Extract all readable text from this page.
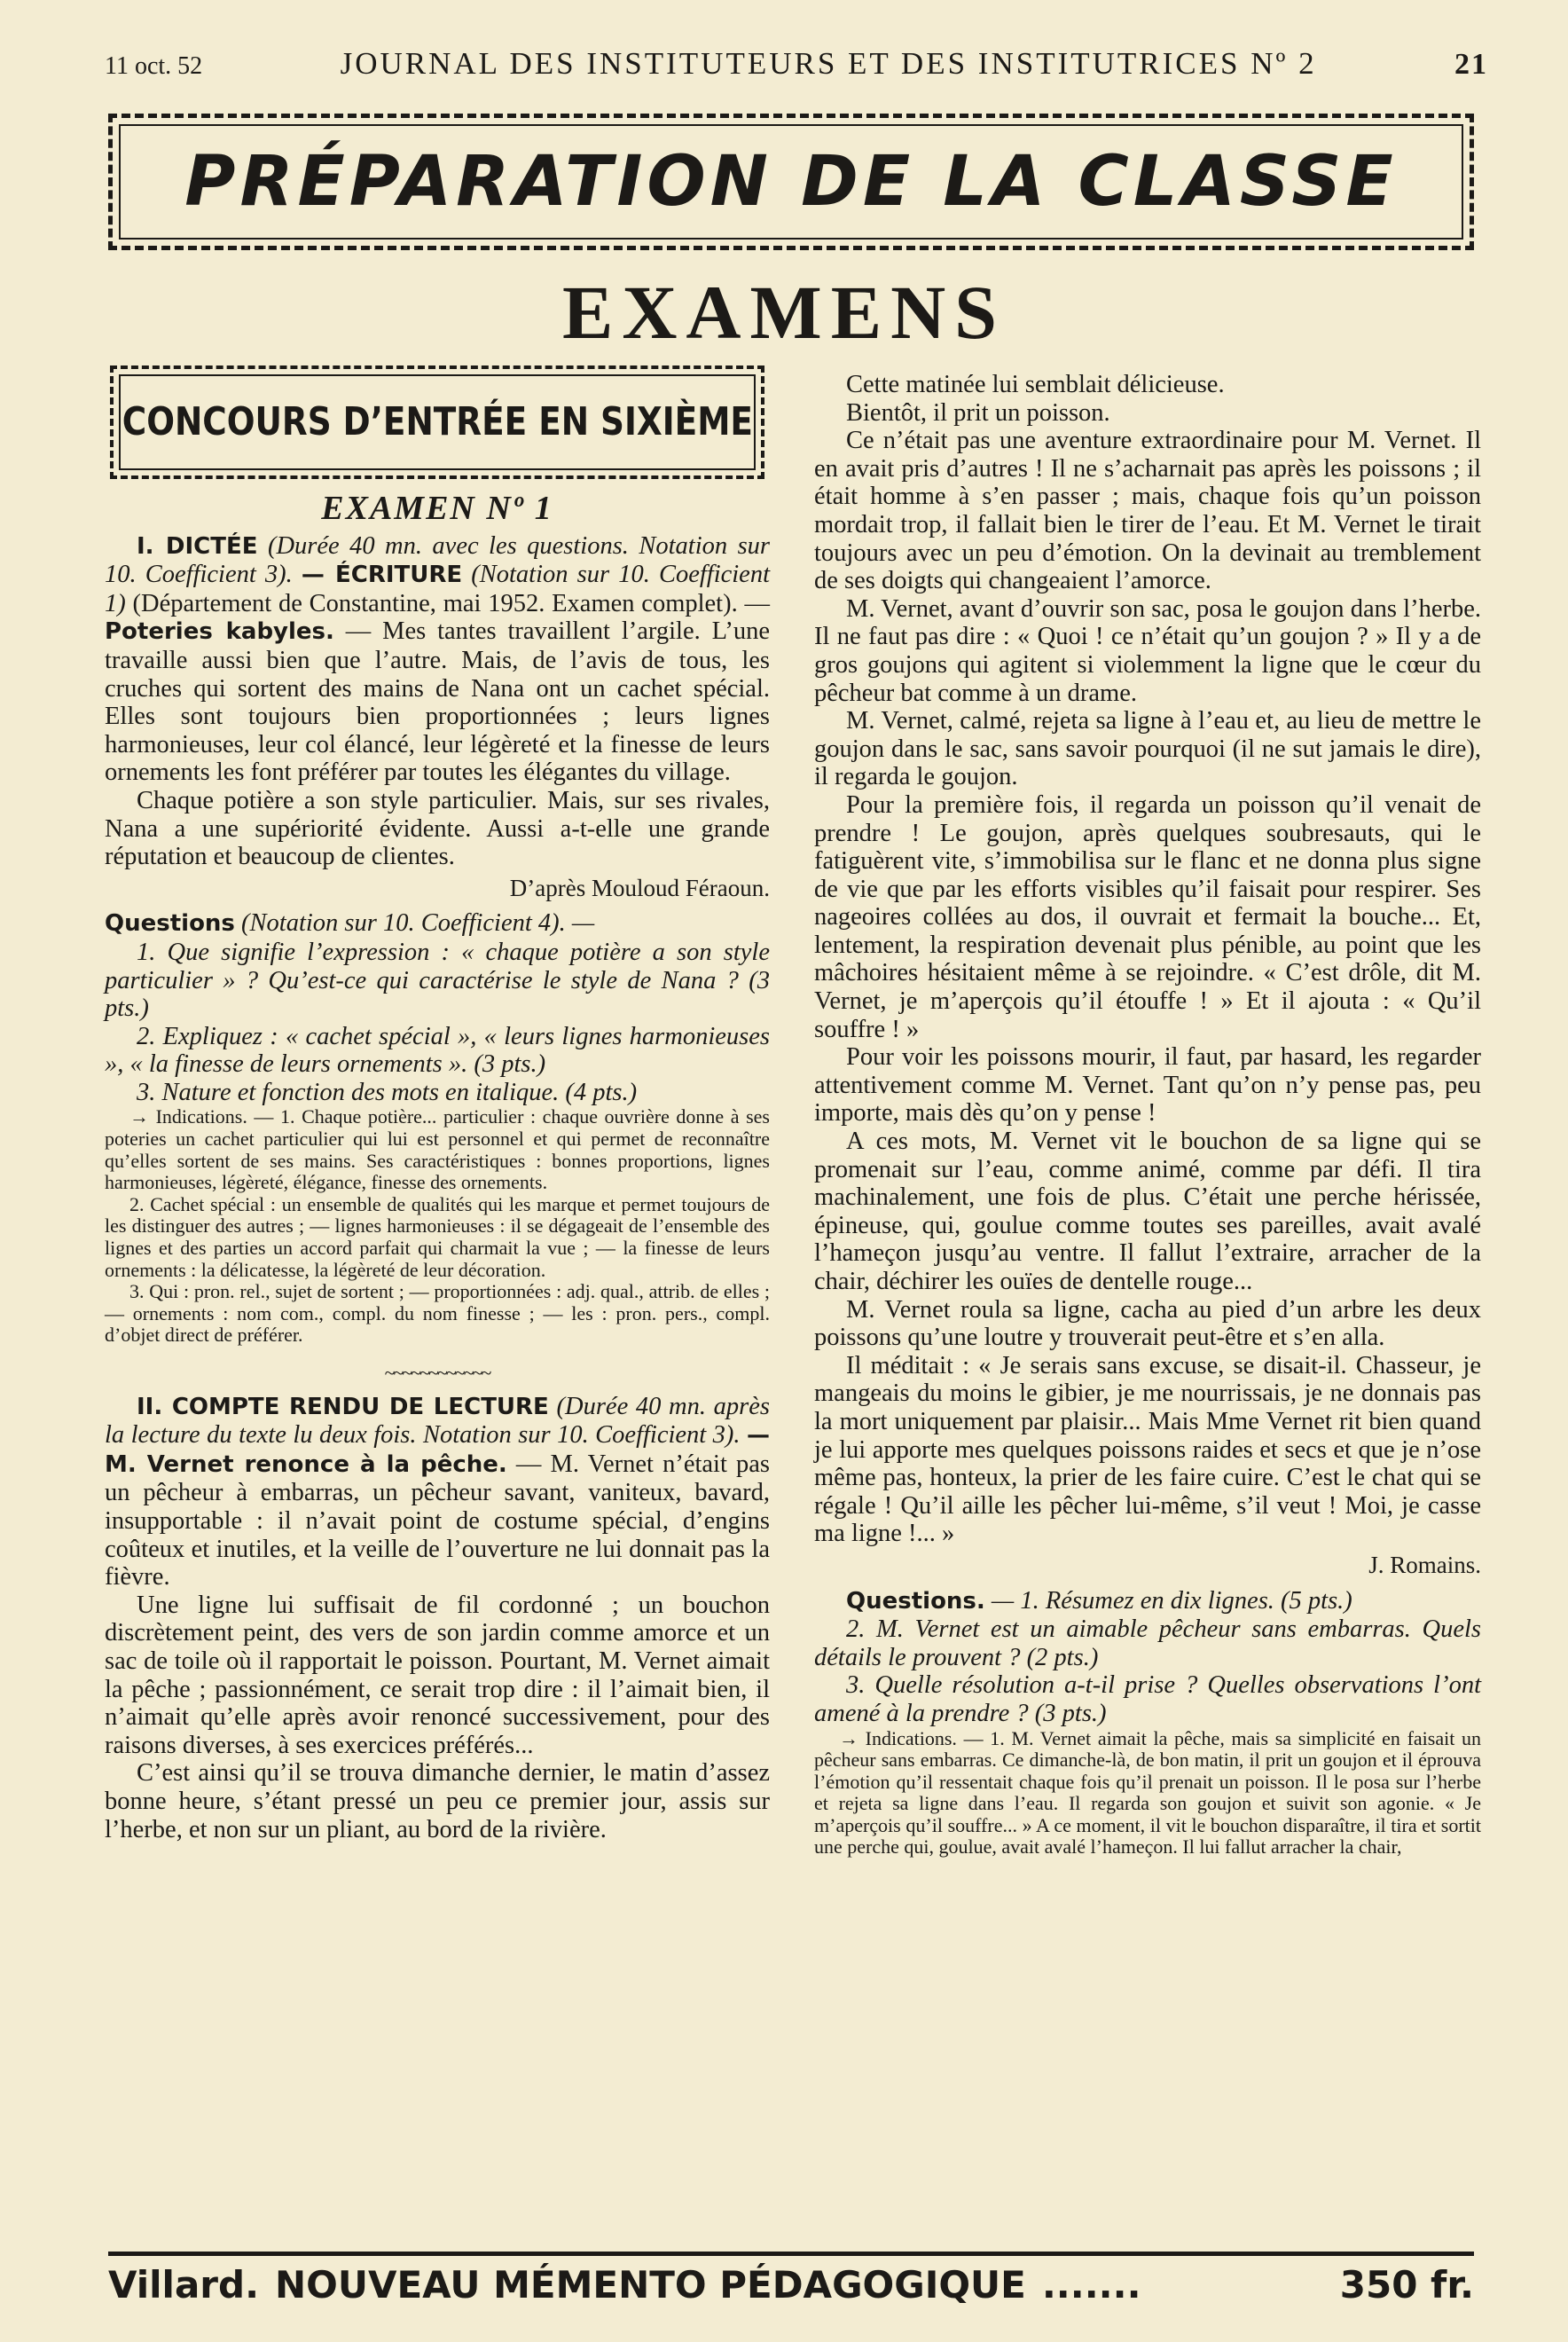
11 oct. 52	JOURNAL DES INSTITUTEURS ET DES INSTITUTRICES Nº 2	21
PRÉPARATION DE LA CLASSE
EXAMENS
CONCOURS D’ENTRÉE EN SIXIÈME
EXAMEN Nº 1

I. DICTÉE (Durée 40 mn. avec les questions. Notation sur 10. Coefficient 3). — ÉCRITURE (Notation sur 10. Coefficient 1) (Département de Constantine, mai 1952. Examen complet). — Poteries kabyles. — Mes tantes travaillent l’argile. L’une travaille aussi bien que l’autre. Mais, de l’avis de tous, les cruches qui sortent des mains de Nana ont un cachet spécial. Elles sont toujours bien proportionnées ; leurs lignes harmonieuses, leur col élancé, leur légèreté et la finesse de leurs ornements les font préférer par toutes les élégantes du village.

Chaque potière a son style particulier. Mais, sur ses rivales, Nana a une supériorité évidente. Aussi a-t-elle une grande réputation et beaucoup de clientes.

D’après Mouloud Féraoun.

Questions (Notation sur 10. Coefficient 4). —

1. Que signifie l’expression : « chaque potière a son style particulier » ? Qu’est-ce qui caractérise le style de Nana ? (3 pts.)

2. Expliquez : « cachet spécial », « leurs lignes harmonieuses », « la finesse de leurs ornements ». (3 pts.)

3. Nature et fonction des mots en italique. (4 pts.)

→ Indications. — 1. Chaque potière... particulier : chaque ouvrière donne à ses poteries un cachet particulier qui lui est personnel et qui permet de reconnaître qu’elles sortent de ses mains. Ses caractéristiques : bonnes proportions, lignes harmonieuses, légèreté, élégance, finesse des ornements.

2. Cachet spécial : un ensemble de qualités qui les marque et permet toujours de les distinguer des autres ; — lignes harmonieuses : il se dégageait de l’ensemble des lignes et des parties un accord parfait qui charmait la vue ; — la finesse de leurs ornements : la délicatesse, la légèreté de leur décoration.

3. Qui : pron. rel., sujet de sortent ; — proportionnées : adj. qual., attrib. de elles ; — ornements : nom com., compl. du nom finesse ; — les : pron. pers., compl. d’objet direct de préférer.

~~~~~~~~~~~~

II. COMPTE RENDU DE LECTURE (Durée 40 mn. après la lecture du texte lu deux fois. Notation sur 10. Coefficient 3). — M. Vernet renonce à la pêche. — M. Vernet n’était pas un pêcheur à embarras, un pêcheur savant, vaniteux, bavard, insupportable : il n’avait point de costume spécial, d’engins coûteux et inutiles, et la veille de l’ouverture ne lui donnait pas la fièvre.

Une ligne lui suffisait de fil cordonné ; un bouchon discrètement peint, des vers de son jardin comme amorce et un sac de toile où il rapportait le poisson. Pourtant, M. Vernet aimait la pêche ; passionnément, ce serait trop dire : il l’aimait bien, il n’aimait qu’elle après avoir renoncé successivement, pour des raisons diverses, à ses exercices préférés...

C’est ainsi qu’il se trouva dimanche dernier, le matin d’assez bonne heure, s’étant pressé un peu ce premier jour, assis sur l’herbe, et non sur un pliant, au bord de la rivière.

Cette matinée lui semblait délicieuse.

Bientôt, il prit un poisson.

Ce n’était pas une aventure extraordinaire pour M. Vernet. Il en avait pris d’autres ! Il ne s’acharnait pas après les poissons ; il était homme à s’en passer ; mais, chaque fois qu’un poisson mordait trop, il fallait bien le tirer de l’eau. Et M. Vernet le tirait toujours avec un peu d’émotion. On la devinait au tremblement de ses doigts qui changeaient l’amorce.

M. Vernet, avant d’ouvrir son sac, posa le goujon dans l’herbe. Il ne faut pas dire : « Quoi ! ce n’était qu’un goujon ? » Il y a de gros goujons qui agitent si violemment la ligne que le cœur du pêcheur bat comme à un drame.

M. Vernet, calmé, rejeta sa ligne à l’eau et, au lieu de mettre le goujon dans le sac, sans savoir pourquoi (il ne sut jamais le dire), il regarda le goujon.

Pour la première fois, il regarda un poisson qu’il venait de prendre ! Le goujon, après quelques soubresauts, qui le fatiguèrent vite, s’immobilisa sur le flanc et ne donna plus signe de vie que par les efforts visibles qu’il faisait pour respirer. Ses nageoires collées au dos, il ouvrait et fermait la bouche... Et, lentement, la respiration devenait plus pénible, au point que les mâchoires hésitaient même à se rejoindre. « C’est drôle, dit M. Vernet, je m’aperçois qu’il étouffe ! » Et il ajouta : « Qu’il souffre ! »

Pour voir les poissons mourir, il faut, par hasard, les regarder attentivement comme M. Vernet. Tant qu’on n’y pense pas, peu importe, mais dès qu’on y pense !

A ces mots, M. Vernet vit le bouchon de sa ligne qui se promenait sur l’eau, comme animé, comme par défi. Il tira machinalement, une fois de plus. C’était une perche hérissée, épineuse, qui, goulue comme toutes ses pareilles, avait avalé l’hameçon jusqu’au ventre. Il fallut l’extraire, arracher de la chair, déchirer les ouïes de dentelle rouge...

M. Vernet roula sa ligne, cacha au pied d’un arbre les deux poissons qu’une loutre y trouverait peut-être et s’en alla.

Il méditait : « Je serais sans excuse, se disait-il. Chasseur, je mangeais du moins le gibier, je me nourrissais, je ne donnais pas la mort uniquement par plaisir... Mais Mme Vernet rit bien quand je lui apporte mes quelques poissons raides et secs et que je n’ose même pas, honteux, la prier de les faire cuire. C’est le chat qui se régale ! Qu’il aille les pêcher lui-même, s’il veut ! Moi, je casse ma ligne !... »

J. Romains.

Questions. — 1. Résumez en dix lignes. (5 pts.)

2. M. Vernet est un aimable pêcheur sans embarras. Quels détails le prouvent ? (2 pts.)

3. Quelle résolution a-t-il prise ? Quelles observations l’ont amené à la prendre ? (3 pts.)

→ Indications. — 1. M. Vernet aimait la pêche, mais sa simplicité en faisait un pêcheur sans embarras. Ce dimanche-là, de bon matin, il prit un goujon et il éprouva l’émotion qu’il ressentait chaque fois qu’il prenait un poisson. Il le posa sur l’herbe et rejeta sa ligne dans l’eau. Il regarda son goujon et suivit son agonie. « Je m’aperçois qu’il souffre... » A ce moment, il vit le bouchon disparaître, il tira et sortit une perche qui, goulue, avait avalé l’hameçon. Il lui fallut arracher la chair,

Villard. NOUVEAU MÉMENTO PÉDAGOGIQUE .......	350 fr.
